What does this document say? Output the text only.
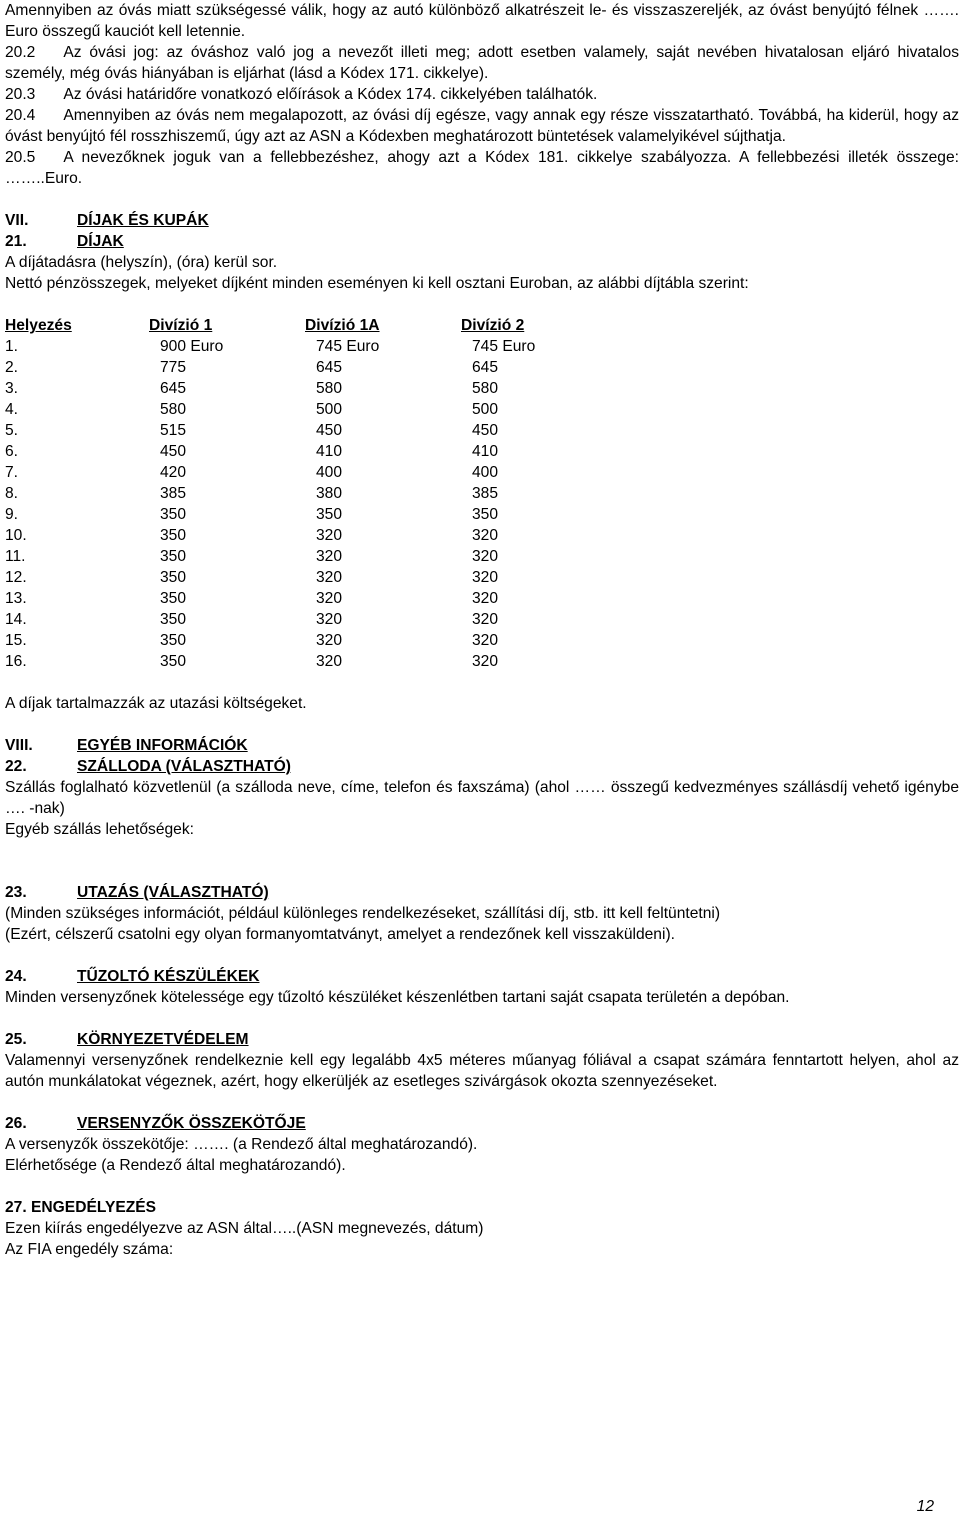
Amennyiben az óvás miatt szükségessé válik, hogy az autó különböző alkatrészeit le- és visszaszereljék, az óvást benyújtó félnek ……. Euro összegű kauciót kell letennie.

20.2 Az óvási jog: az óváshoz való jog a nevezőt illeti meg; adott esetben valamely, saját nevében hivatalosan eljáró hivatalos személy, még óvás hiányában is eljárhat (lásd a Kódex 171. cikkelye).

20.3 Az óvási határidőre vonatkozó előírások a Kódex 174. cikkelyében találhatók.

20.4 Amennyiben az óvás nem megalapozott, az óvási díj egésze, vagy annak egy része visszatartható. Továbbá, ha kiderül, hogy az óvást benyújtó fél rosszhiszemű, úgy azt az ASN a Kódexben meghatározott büntetések valamelyikével sújthatja.

20.5 A nevezőknek joguk van a fellebbezéshez, ahogy azt a Kódex 181. cikkelye szabályozza. A fellebbezési illeték összege: ……..Euro.

VII.	DÍJAK ÉS KUPÁK

21.	DÍJAK

A díjátadásra (helyszín), (óra) kerül sor.

Nettó pénzösszegek, melyeket díjként minden eseményen ki kell osztani Euroban, az alábbi díjtábla szerint:

Helyezés	Divízió 1	Divízió 1A	Divízió 2
1.	900 Euro	745 Euro	745 Euro
2.	775	645	645
3.	645	580	580
4.	580	500	500
5.	515	450	450
6.	450	410	410
7.	420	400	400
8.	385	380	385
9.	350	350	350
10.	350	320	320
11.	350	320	320
12.	350	320	320
13.	350	320	320
14.	350	320	320
15.	350	320	320
16.	350	320	320

A díjak tartalmazzák az utazási költségeket.

VIII.	EGYÉB INFORMÁCIÓK

22.	SZÁLLODA (VÁLASZTHATÓ)

Szállás foglalható közvetlenül (a szálloda neve, címe, telefon és faxszáma) (ahol …… összegű kedvezményes szállásdíj vehető igénybe …. -nak)

Egyéb szállás lehetőségek:

23.	UTAZÁS (VÁLASZTHATÓ)

(Minden szükséges információt, például különleges rendelkezéseket, szállítási díj, stb. itt kell feltüntetni)

(Ezért, célszerű csatolni egy olyan formanyomtatványt, amelyet a rendezőnek kell visszaküldeni).

24.	TŰZOLTÓ KÉSZÜLÉKEK

Minden versenyzőnek kötelessége egy tűzoltó készüléket készenlétben tartani saját csapata területén a depóban.

25.	KÖRNYEZETVÉDELEM

Valamennyi versenyzőnek rendelkeznie kell egy legalább 4x5 méteres műanyag fóliával a csapat számára fenntartott helyen, ahol az autón munkálatokat végeznek, azért, hogy elkerüljék az esetleges szivárgások okozta szennyezéseket.

26.	VERSENYZŐK ÖSSZEKÖTŐJE

A versenyzők összekötője: ……. (a Rendező által meghatározandó).

Elérhetősége (a Rendező által meghatározandó).

27. ENGEDÉLYEZÉS

Ezen kiírás engedélyezve az ASN által…..(ASN megnevezés, dátum)

Az FIA engedély száma:

12
